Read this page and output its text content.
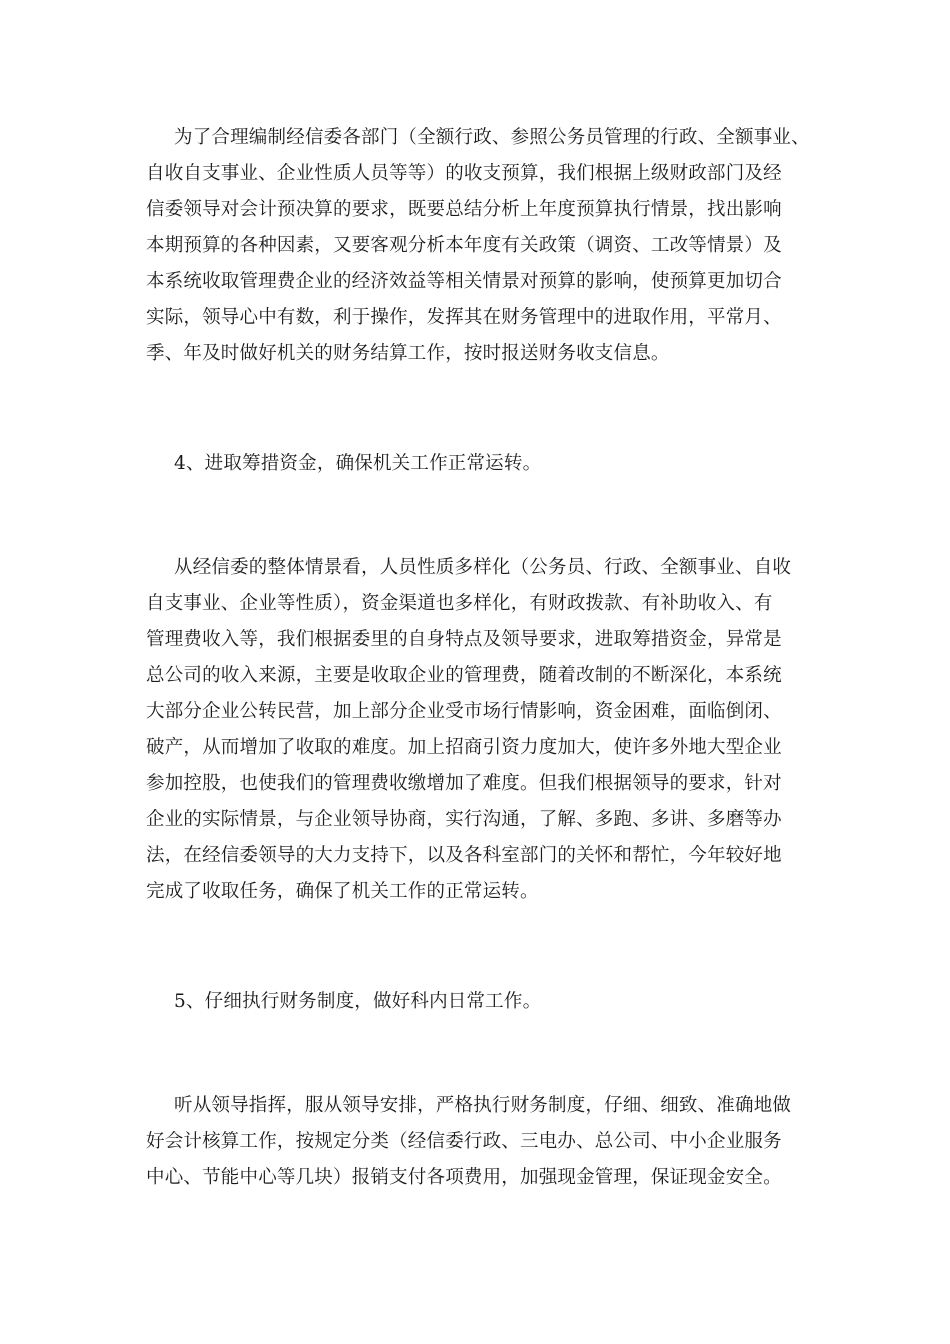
为了合理编制经信委各部门（全额行政、参照公务员管理的行政、全额事业、
自收自支事业、企业性质人员等等）的收支预算，我们根据上级财政部门及经
信委领导对会计预决算的要求，既要总结分析上年度预算执行情景，找出影响
本期预算的各种因素，又要客观分析本年度有关政策（调资、工改等情景）及
本系统收取管理费企业的经济效益等相关情景对预算的影响，使预算更加切合
实际，领导心中有数，利于操作，发挥其在财务管理中的进取作用，平常月、
季、年及时做好机关的财务结算工作，按时报送财务收支信息。
4、进取筹措资金，确保机关工作正常运转。
从经信委的整体情景看，人员性质多样化（公务员、行政、全额事业、自收
自支事业、企业等性质），资金渠道也多样化，有财政拨款、有补助收入、有
管理费收入等，我们根据委里的自身特点及领导要求，进取筹措资金，异常是
总公司的收入来源，主要是收取企业的管理费，随着改制的不断深化，本系统
大部分企业公转民营，加上部分企业受市场行情影响，资金困难，面临倒闭、
破产，从而增加了收取的难度。加上招商引资力度加大，使许多外地大型企业
参加控股，也使我们的管理费收缴增加了难度。但我们根据领导的要求，针对
企业的实际情景，与企业领导协商，实行沟通，了解、多跑、多讲、多磨等办
法，在经信委领导的大力支持下，以及各科室部门的关怀和帮忙，今年较好地
完成了收取任务，确保了机关工作的正常运转。
5、仔细执行财务制度，做好科内日常工作。
听从领导指挥，服从领导安排，严格执行财务制度，仔细、细致、准确地做
好会计核算工作，按规定分类（经信委行政、三电办、总公司、中小企业服务
中心、节能中心等几块）报销支付各项费用，加强现金管理，保证现金安全。
